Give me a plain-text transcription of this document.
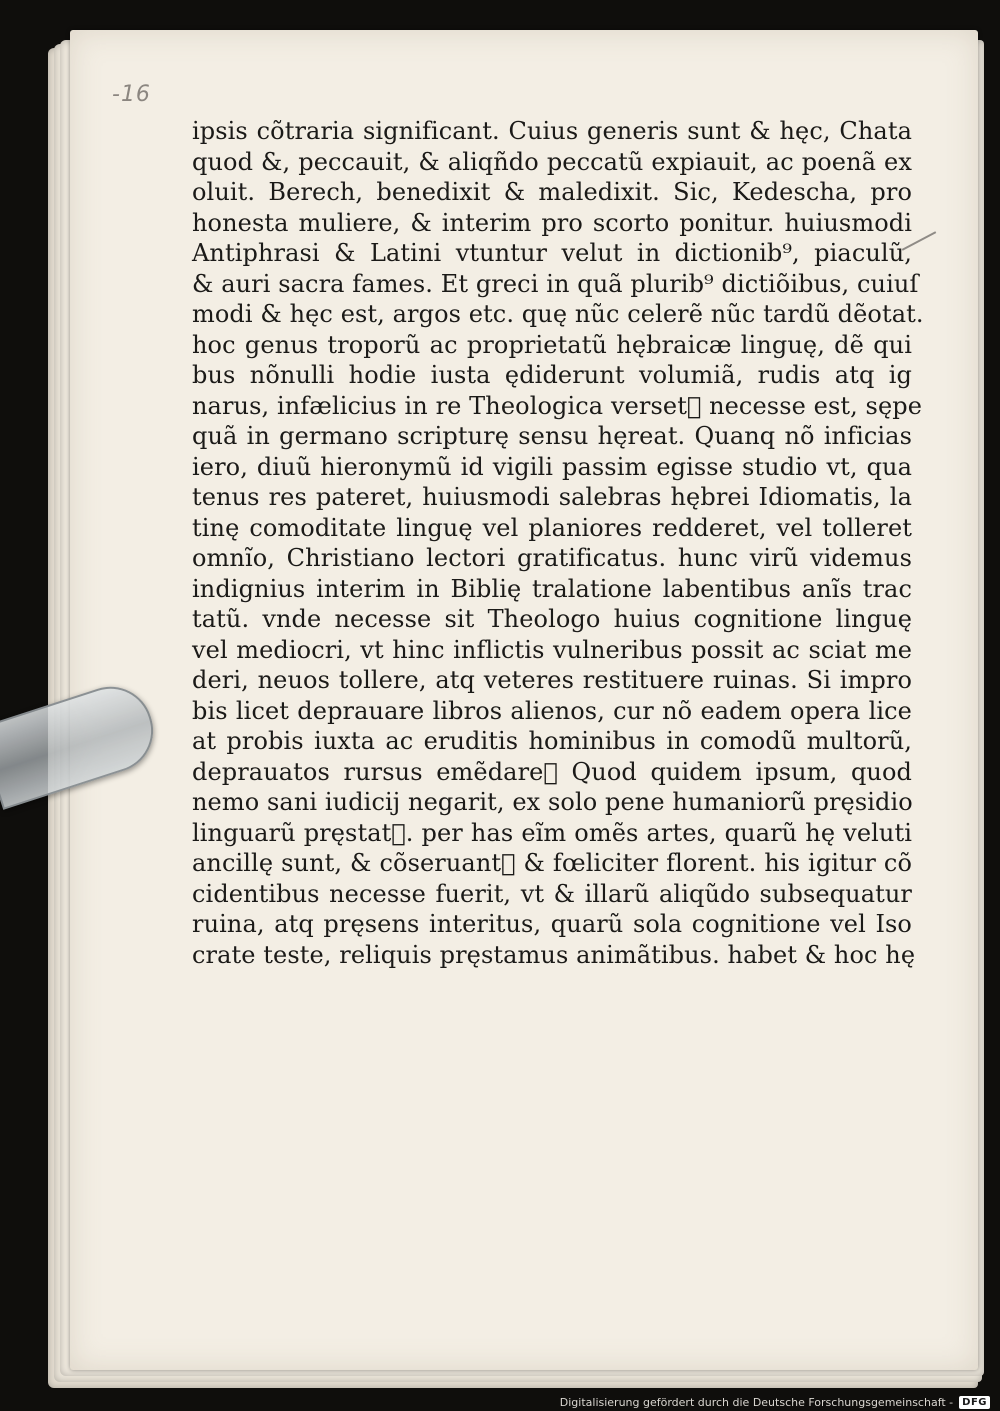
-16
ipsis cõtraria significant. Cuius generis sunt & hęc, Chata
quod &, peccauit, & aliqñdo peccatũ expiauit, ac poenã ex
oluit. Berech, benedixit & maledixit. Sic, Kedescha, pro
honesta muliere, & interim pro scorto ponitur. huiusmodi
Antiphrasi & Latini vtuntur velut in dictionib⁹, piaculũ,
& auri sacra fames. Et greci in quã plurib⁹ dictiõibus, cuiuſ
modi & hęc est, argos etc. quę nũc celerẽ nũc tardũ dẽotat.
hoc genus troporũ ac proprietatũ hębraicæ linguę, dẽ qui
bus nõnulli hodie iusta ędiderunt volumiã, rudis atq ig
narus, infælicius in re Theologica versetᷓ necesse est, sępe
quã in germano scripturę sensu hęreat. Quanq nõ inficias
iero, diuũ hieronymũ id vigili passim egisse studio vt, qua
tenus res pateret, huiusmodi salebras hębrei Idiomatis, la
tinę comoditate linguę vel planiores redderet, vel tolleret
omnĩo, Christiano lectori gratificatus. hunc virũ videmus
indignius interim in Biblię tralatione labentibus anĩs trac
tatũ. vnde necesse sit Theologo huius cognitione linguę
vel mediocri, vt hinc inflictis vulneribus possit ac sciat me
deri, neuos tollere, atq veteres restituere ruinas. Si impro
bis licet deprauare libros alienos, cur nõ eadem opera lice
at probis iuxta ac eruditis hominibus in comodũ multorũ,
deprauatos rursus emẽdareᷓ Quod quidem ipsum, quod
nemo sani iudicij negarit, ex solo pene humaniorũ pręsidio
linguarũ pręstatᷓ. per has eĩm omẽs artes, quarũ hę veluti
ancillę sunt, & cõseruantᷓ & fœliciter florent. his igitur cõ
cidentibus necesse fuerit, vt & illarũ aliqũdo subsequatur
ruina, atq pręsens interitus, quarũ sola cognitione vel Iso
crate teste, reliquis pręstamus animãtibus. habet & hoc hę
Digitalisierung gefördert durch die Deutsche Forschungsgemeinschaft - DFG
